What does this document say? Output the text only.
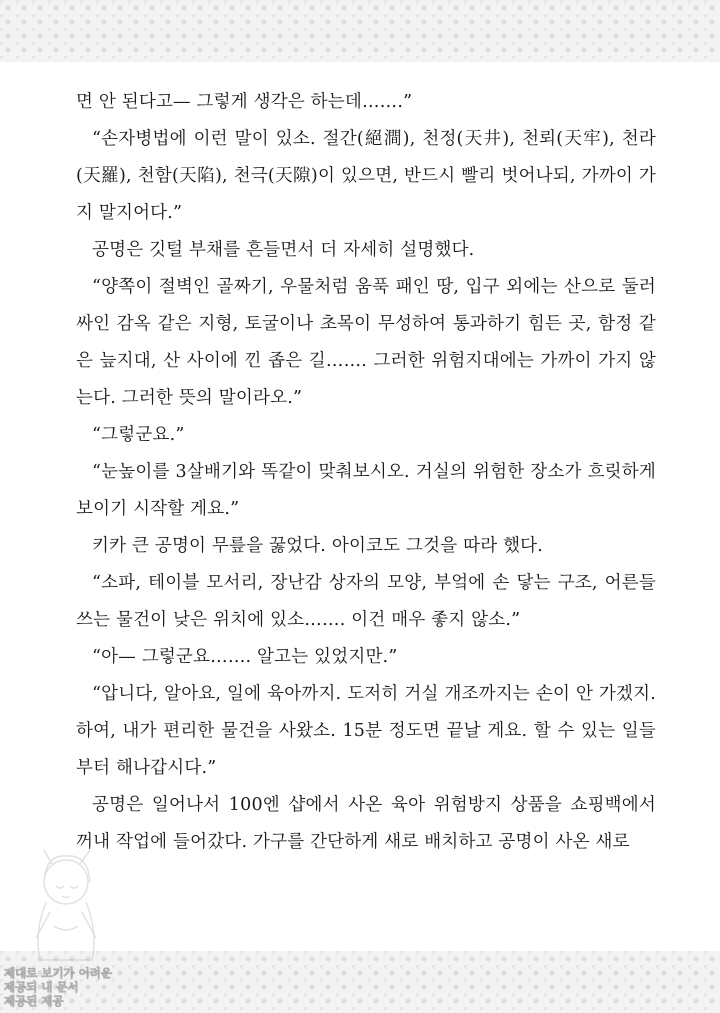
면 안 된다고— 그렇게 생각은 하는데…….”

“손자병법에 이런 말이 있소. 절간(絕澗), 천정(天井), 천뢰(天牢), 천라(天羅), 천함(天陷), 천극(天隙)이 있으면, 반드시 빨리 벗어나되, 가까이 가지 말지어다.”

공명은 깃털 부채를 흔들면서 더 자세히 설명했다.

“양쪽이 절벽인 골짜기, 우물처럼 움푹 패인 땅, 입구 외에는 산으로 둘러싸인 감옥 같은 지형, 토굴이나 초목이 무성하여 통과하기 힘든 곳, 함정 같은 늪지대, 산 사이에 낀 좁은 길……. 그러한 위험지대에는 가까이 가지 않는다. 그러한 뜻의 말이라오.”

“그렇군요.”

“눈높이를 3살배기와 똑같이 맞춰보시오. 거실의 위험한 장소가 흐릿하게 보이기 시작할 게요.”

키카 큰 공명이 무릎을 꿇었다. 아이코도 그것을 따라 했다.

“소파, 테이블 모서리, 장난감 상자의 모양, 부엌에 손 닿는 구조, 어른들 쓰는 물건이 낮은 위치에 있소……. 이건 매우 좋지 않소.”

“아— 그렇군요……. 알고는 있었지만.”

“압니다, 알아요, 일에 육아까지. 도저히 거실 개조까지는 손이 안 가겠지. 하여, 내가 편리한 물건을 사왔소. 15분 정도면 끝날 게요. 할 수 있는 일들부터 해나갑시다.”

공명은 일어나서 100엔 샵에서 사온 육아 위험방지 상품을 쇼핑백에서 꺼내 작업에 들어갔다. 가구를 간단하게 새로 배치하고 공명이 사온 새로

제대로 보기가 어려운
제공되 내 문서
제공된 제공
